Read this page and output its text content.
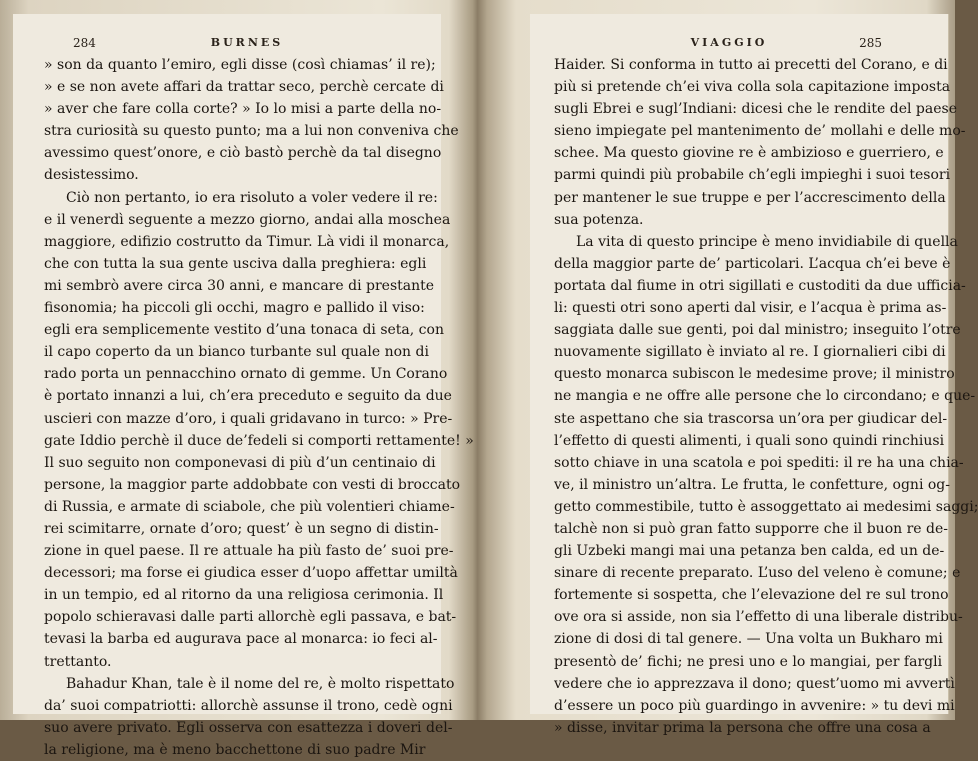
284	BURNES
» son da quanto l’emiro, egli disse (così chiamas’ il re);
» e se non avete affari da trattar seco, perchè cercate di
» aver che fare colla corte? » Io lo misi a parte della no-
stra curiosità su questo punto; ma a lui non conveniva che
avessimo quest’onore, e ciò bastò perchè da tal disegno
desistessimo.
Ciò non pertanto, io era risoluto a voler vedere il re:
e il venerdì seguente a mezzo giorno, andai alla moschea
maggiore, edifizio costrutto da Timur. Là vidi il monarca,
che con tutta la sua gente usciva dalla preghiera: egli
mi sembrò avere circa 30 anni, e mancare di prestante
fisonomia; ha piccoli gli occhi, magro e pallido il viso:
egli era semplicemente vestito d’una tonaca di seta, con
il capo coperto da un bianco turbante sul quale non di
rado porta un pennacchino ornato di gemme. Un Corano
è portato innanzi a lui, ch’era preceduto e seguito da due
uscieri con mazze d’oro, i quali gridavano in turco: » Pre-
gate Iddio perchè il duce de’fedeli si comporti rettamente! »
Il suo seguito non componevasi di più d’un centinaio di
persone, la maggior parte addobbate con vesti di broccato
di Russia, e armate di sciabole, che più volentieri chiame-
rei scimitarre, ornate d’oro; quest’ è un segno di distin-
zione in quel paese. Il re attuale ha più fasto de’ suoi pre-
decessori; ma forse ei giudica esser d’uopo affettar umiltà
in un tempio, ed al ritorno da una religiosa cerimonia. Il
popolo schieravasi dalle parti allorchè egli passava, e bat-
tevasi la barba ed augurava pace al monarca: io feci al-
trettanto.
Bahadur Khan, tale è il nome del re, è molto rispettato
da’ suoi compatriotti: allorchè assunse il trono, cedè ogni
suo avere privato. Egli osserva con esattezza i doveri del-
la religione, ma è meno bacchettone di suo padre Mir
VIAGGIO	285
Haider. Si conforma in tutto ai precetti del Corano, e di
più si pretende ch’ei viva colla sola capitazione imposta
sugli Ebrei e sugl’Indiani: dicesi che le rendite del paese
sieno impiegate pel mantenimento de’ mollahi e delle mo-
schee. Ma questo giovine re è ambizioso e guerriero, e
parmi quindi più probabile ch’egli impieghi i suoi tesori
per mantener le sue truppe e per l’accrescimento della
sua potenza.
La vita di questo principe è meno invidiabile di quella
della maggior parte de’ particolari. L’acqua ch’ei beve è
portata dal fiume in otri sigillati e custoditi da due ufficia-
li: questi otri sono aperti dal visir, e l’acqua è prima as-
saggiata dalle sue genti, poi dal ministro; inseguito l’otre
nuovamente sigillato è inviato al re. I giornalieri cibi di
questo monarca subiscon le medesime prove; il ministro
ne mangia e ne offre alle persone che lo circondano; e que-
ste aspettano che sia trascorsa un’ora per giudicar del-
l’effetto di questi alimenti, i quali sono quindi rinchiusi
sotto chiave in una scatola e poi spediti: il re ha una chia-
ve, il ministro un’altra. Le frutta, le confetture, ogni og-
getto commestibile, tutto è assoggettato ai medesimi saggi;
talchè non si può gran fatto supporre che il buon re de-
gli Uzbeki mangi mai una petanza ben calda, ed un de-
sinare di recente preparato. L’uso del veleno è comune; e
fortemente si sospetta, che l’elevazione del re sul trono
ove ora si asside, non sia l’effetto di una liberale distribu-
zione di dosi di tal genere. — Una volta un Bukharo mi
presentò de’ fichi; ne presi uno e lo mangiai, per fargli
vedere che io apprezzava il dono; quest’uomo mi avvertì
d’essere un poco più guardingo in avvenire: » tu devi mi
» disse, invitar prima la persona che offre una cosa a
